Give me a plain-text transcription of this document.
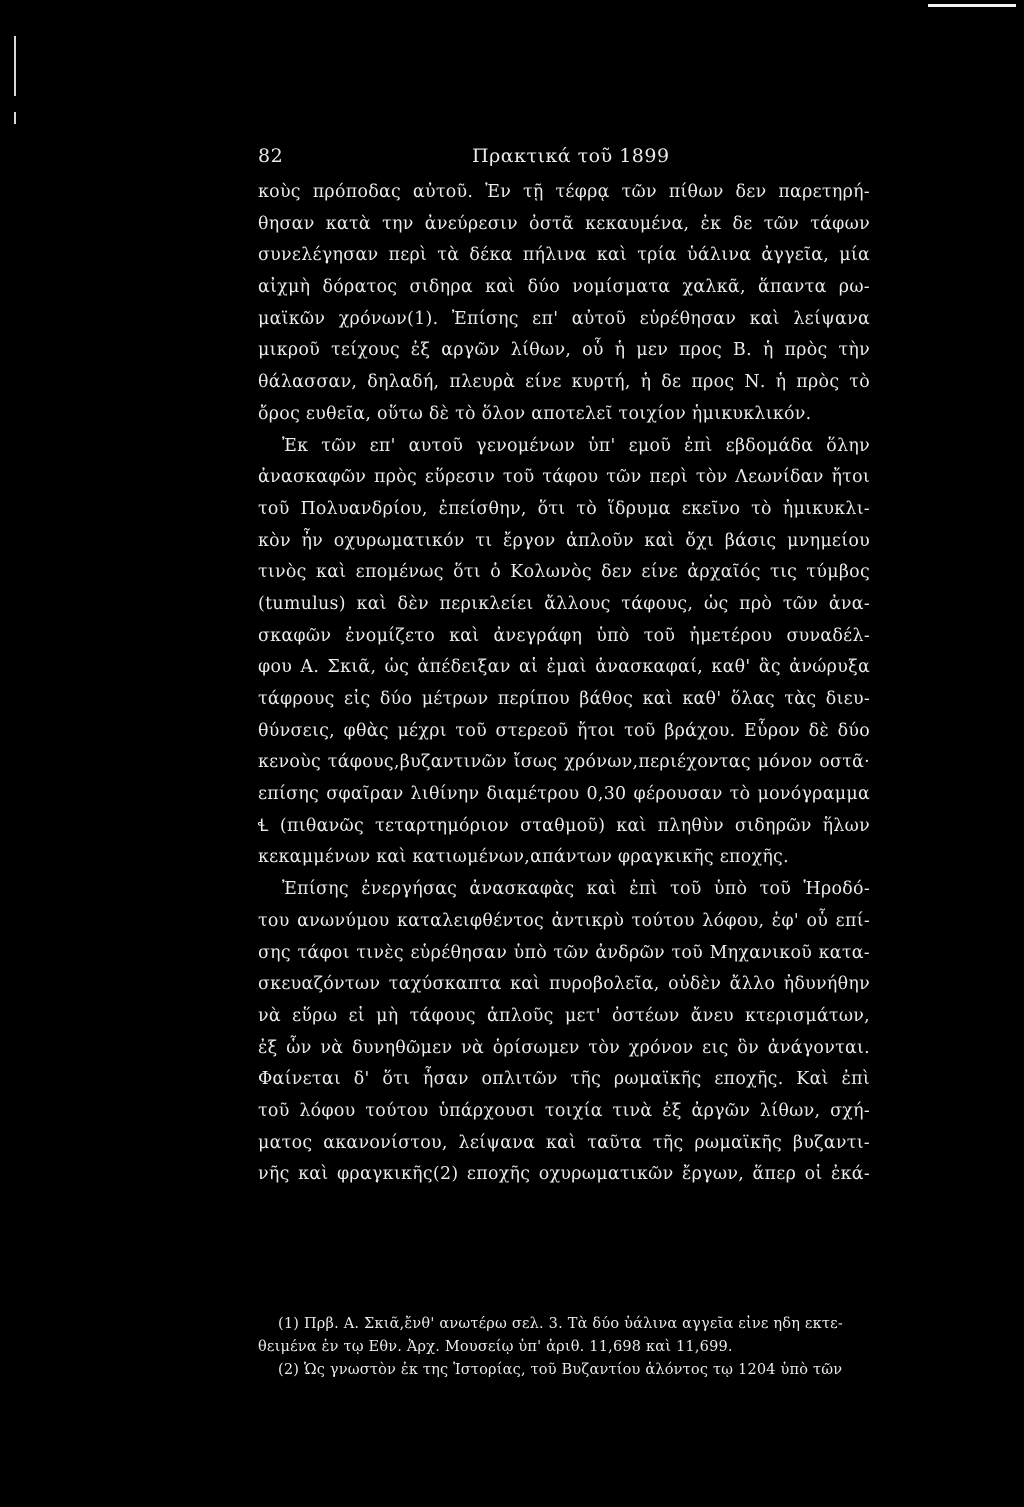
82	Πρακτικά τοῦ 1899
κοὺς πρόποδας αὐτοῦ. Ἐν τῇ τέφρᾳ τῶν πίθων δεν παρετηρή-
θησαν κατὰ την ἀνεύρεσιν ὀστᾶ κεκαυμένα, ἐκ δε τῶν τάφων
συνελέγησαν περὶ τὰ δέκα πήλινα καὶ τρία ὑάλινα ἀγγεῖα, μία
αἰχμὴ δόρατος σιδηρα καὶ δύο νομίσματα χαλκᾶ, ἅπαντα ρω-
μαϊκῶν χρόνων(1). Ἐπίσης επ' αὐτοῦ εὑρέθησαν καὶ λείψανα
μικροῦ τείχους ἐξ αργῶν λίθων, οὗ ἡ μεν προς Β. ἡ πρὸς τὴν
θάλασσαν, δηλαδή, πλευρὰ είνε κυρτή, ἡ δε προς Ν. ἡ πρὸς τὸ
ὄρος ευθεῖα, οὕτω δὲ τὸ ὅλον αποτελεῖ τοιχίον ἡμικυκλικόν.
Ἐκ τῶν επ' αυτοῦ γενομένων ὑπ' εμοῦ ἐπὶ εβδομάδα ὅλην
ἀνασκαφῶν πρὸς εὕρεσιν τοῦ τάφου τῶν περὶ τὸν Λεωνίδαν ἤτοι
τοῦ Πολυανδρίου, ἐπείσθην, ὅτι τὸ ἵδρυμα εκεῖνο τὸ ἡμικυκλι-
κὸν ἦν οχυρωματικόν τι ἔργον ἁπλοῦν καὶ ὄχι βάσις μνημείου
τινὸς καὶ επομένως ὅτι ὁ Κολωνὸς δεν είνε ἀρχαῖός τις τύμβος
(tumulus) καὶ δὲν περικλείει ἄλλους τάφους, ὡς πρὸ τῶν ἀνα-
σκαφῶν ἐνομίζετο καὶ ἀνεγράφη ὑπὸ τοῦ ἡμετέρου συναδέλ-
φου Α. Σκιᾶ, ὡς ἀπέδειξαν αἱ ἐμαὶ ἀνασκαφαί, καθ' ἃς ἀνώρυξα
τάφρους εἰς δύο μέτρων περίπου βάθος καὶ καθ' ὅλας τὰς διευ-
θύνσεις, φθὰς μέχρι τοῦ στερεοῦ ἤτοι τοῦ βράχου. Εὗρον δὲ δύο
κενοὺς τάφους,βυζαντινῶν ἴσως χρόνων,περιέχοντας μόνον οστᾶ·
επίσης σφαῖραν λιθίνην διαμέτρου 0,30 φέρουσαν τὸ μονόγραμμα
Ɬ (πιθανῶς τεταρτημόριον σταθμοῦ) καὶ πληθὺν σιδηρῶν ἥλων
κεκαμμένων καὶ κατιωμένων,απάντων φραγκικῆς εποχῆς.
Ἐπίσης ἐνεργήσας ἀνασκαφὰς καὶ ἐπὶ τοῦ ὑπὸ τοῦ Ἡροδό-
του ανωνύμου καταλειφθέντος ἀντικρὺ τούτου λόφου, ἐφ' οὗ επί-
σης τάφοι τινὲς εὑρέθησαν ὑπὸ τῶν ἀνδρῶν τοῦ Μηχανικοῦ κατα-
σκευαζόντων ταχύσκαπτα καὶ πυροβολεῖα, οὐδὲν ἄλλο ἠδυνήθην
νὰ εὕρω εἰ μὴ τάφους ἁπλοῦς μετ' ὀστέων ἄνευ κτερισμάτων,
ἐξ ὧν νὰ δυνηθῶμεν νὰ ὁρίσωμεν τὸν χρόνον εις ὃν ἀνάγονται.
Φαίνεται δ' ὅτι ἦσαν οπλιτῶν τῆς ρωμαϊκῆς εποχῆς. Καὶ ἐπὶ
τοῦ λόφου τούτου ὑπάρχουσι τοιχία τινὰ ἐξ ἀργῶν λίθων, σχή-
ματος ακανονίστου, λείψανα καὶ ταῦτα τῆς ρωμαϊκῆς βυζαντι-
νῆς καὶ φραγκικῆς(2) εποχῆς οχυρωματικῶν ἔργων, ἅπερ οἱ ἐκά-
(1) Πρβ. Α. Σκιᾶ,ἔνθ' ανωτέρω σελ. 3. Τὰ δύο ὑάλινα αγγεῖα εἰνε ηδη εκτε-
θειμένα ἐν τῳ Εθν. Ἀρχ. Μουσείῳ ὑπ' ἀριθ. 11,698 καὶ 11,699.
(2) Ὡς γνωστὸν ἐκ της Ἱστορίας, τοῦ Βυζαντίου ἁλόντος τῳ 1204 ὑπὸ τῶν
